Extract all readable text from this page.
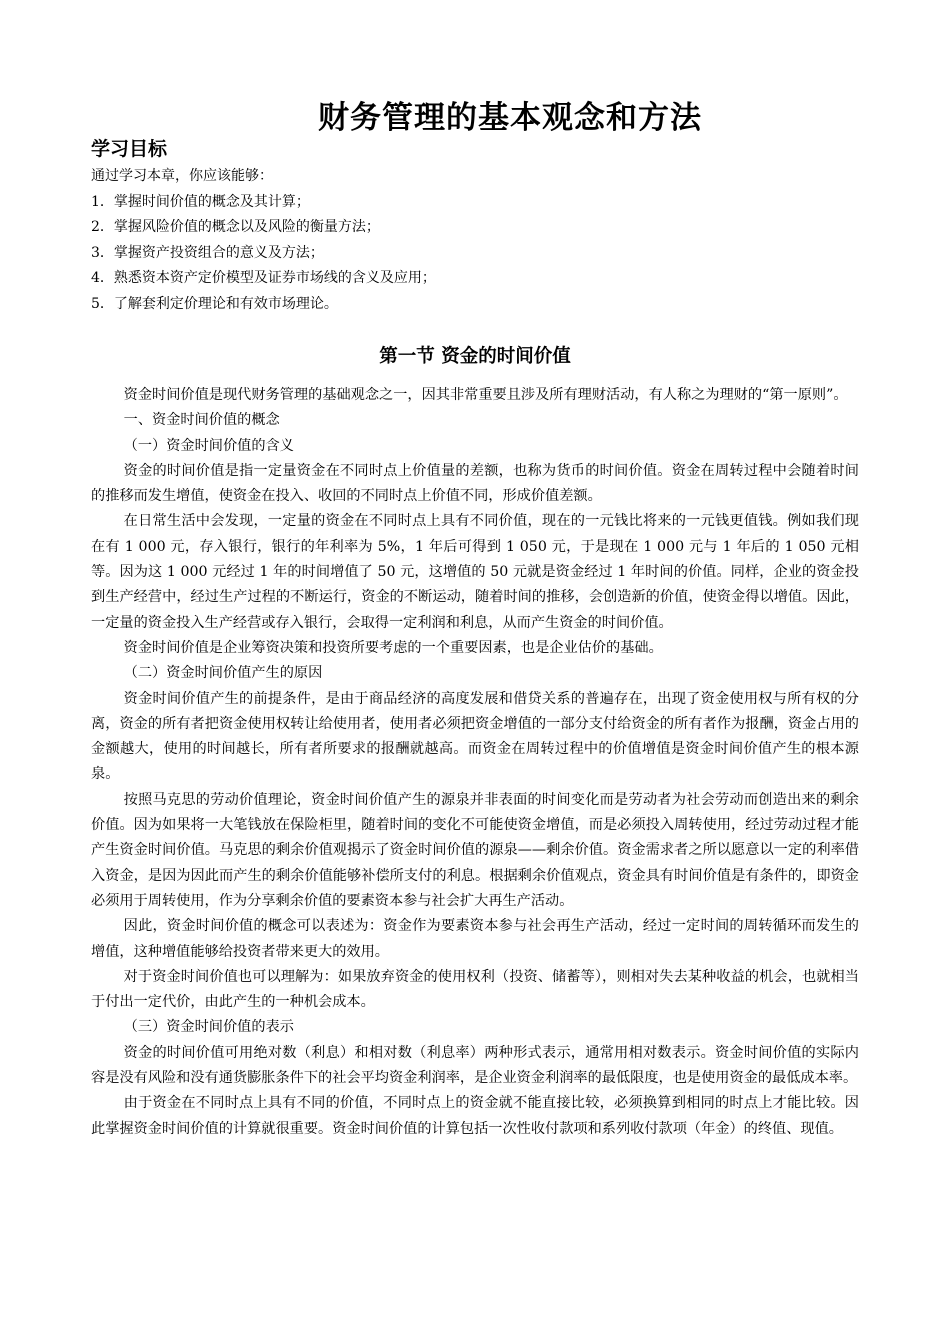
财务管理的基本观念和方法
学习目标
通过学习本章，你应该能够：
1．掌握时间价值的概念及其计算；
2．掌握风险价值的概念以及风险的衡量方法；
3．掌握资产投资组合的意义及方法；
4．熟悉资本资产定价模型及证券市场线的含义及应用；
5．了解套利定价理论和有效市场理论。
第一节 资金的时间价值

资金时间价值是现代财务管理的基础观念之一，因其非常重要且涉及所有理财活动，有人称之为理财的“第一原则”。

一、资金时间价值的概念

（一）资金时间价值的含义

资金的时间价值是指一定量资金在不同时点上价值量的差额，也称为货币的时间价值。资金在周转过程中会随着时间的推移而发生增值，使资金在投入、收回的不同时点上价值不同，形成价值差额。

在日常生活中会发现，一定量的资金在不同时点上具有不同价值，现在的一元钱比将来的一元钱更值钱。例如我们现在有 1 000 元，存入银行，银行的年利率为 5%，1 年后可得到 1 050 元，于是现在 1 000 元与 1 年后的 1 050 元相等。因为这 1 000 元经过 1 年的时间增值了 50 元，这增值的 50 元就是资金经过 1 年时间的价值。同样，企业的资金投到生产经营中，经过生产过程的不断运行，资金的不断运动，随着时间的推移，会创造新的价值，使资金得以增值。因此，一定量的资金投入生产经营或存入银行，会取得一定利润和利息，从而产生资金的时间价值。

资金时间价值是企业筹资决策和投资所要考虑的一个重要因素，也是企业估价的基础。

（二）资金时间价值产生的原因

资金时间价值产生的前提条件，是由于商品经济的高度发展和借贷关系的普遍存在，出现了资金使用权与所有权的分离，资金的所有者把资金使用权转让给使用者，使用者必须把资金增值的一部分支付给资金的所有者作为报酬，资金占用的金额越大，使用的时间越长，所有者所要求的报酬就越高。而资金在周转过程中的价值增值是资金时间价值产生的根本源泉。

按照马克思的劳动价值理论，资金时间价值产生的源泉并非表面的时间变化而是劳动者为社会劳动而创造出来的剩余价值。因为如果将一大笔钱放在保险柜里，随着时间的变化不可能使资金增值，而是必须投入周转使用，经过劳动过程才能产生资金时间价值。马克思的剩余价值观揭示了资金时间价值的源泉——剩余价值。资金需求者之所以愿意以一定的利率借入资金，是因为因此而产生的剩余价值能够补偿所支付的利息。根据剩余价值观点，资金具有时间价值是有条件的，即资金必须用于周转使用，作为分享剩余价值的要素资本参与社会扩大再生产活动。

因此，资金时间价值的概念可以表述为：资金作为要素资本参与社会再生产活动，经过一定时间的周转循环而发生的增值，这种增值能够给投资者带来更大的效用。

对于资金时间价值也可以理解为：如果放弃资金的使用权利（投资、储蓄等），则相对失去某种收益的机会，也就相当于付出一定代价，由此产生的一种机会成本。

（三）资金时间价值的表示

资金的时间价值可用绝对数（利息）和相对数（利息率）两种形式表示，通常用相对数表示。资金时间价值的实际内容是没有风险和没有通货膨胀条件下的社会平均资金利润率，是企业资金利润率的最低限度，也是使用资金的最低成本率。

由于资金在不同时点上具有不同的价值，不同时点上的资金就不能直接比较，必须换算到相同的时点上才能比较。因此掌握资金时间价值的计算就很重要。资金时间价值的计算包括一次性收付款项和系列收付款项（年金）的终值、现值。
